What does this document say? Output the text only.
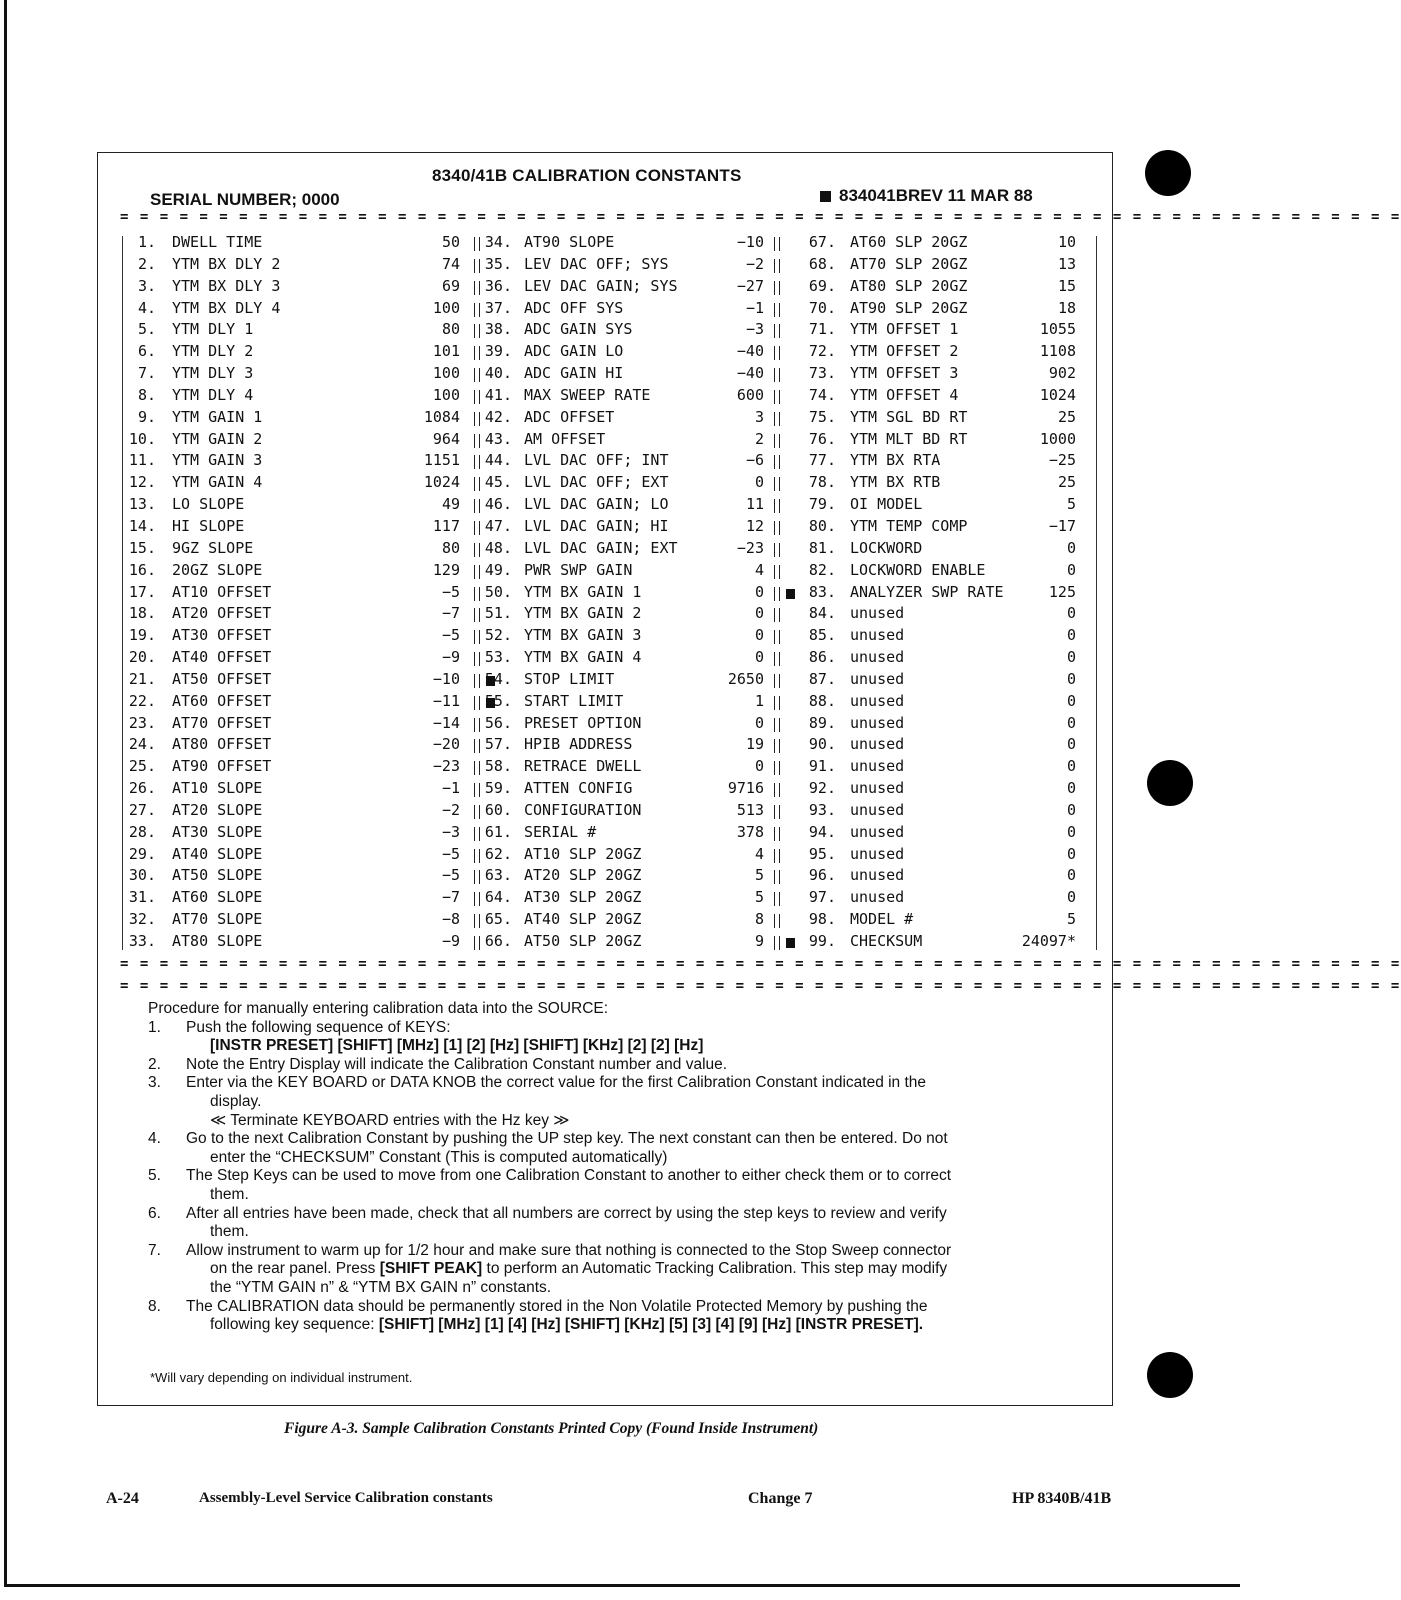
8340/41B CALIBRATION CONSTANTS
SERIAL NUMBER; 0000	834041BREV 11 MAR 88
= = = = = = = = = = = = = = = = = = = = = = = = = = = = = = = = = = = = = = = = = = = = = = = = = = = = = = = = = = = = = = = = =
1. DWELL TIME	50
2. YTM BX DLY 2	74
3. YTM BX DLY 3	69
4. YTM BX DLY 4	100
5. YTM DLY 1	80
6. YTM DLY 2	101
7. YTM DLY 3	100
8. YTM DLY 4	100
9. YTM GAIN 1	1084
10. YTM GAIN 2	964
11. YTM GAIN 3	1151
12. YTM GAIN 4	1024
13. LO SLOPE	49
14. HI SLOPE	117
15. 9GZ SLOPE	80
16. 20GZ SLOPE	129
17. AT10 OFFSET	−5
18. AT20 OFFSET	−7
19. AT30 OFFSET	−5
20. AT40 OFFSET	−9
21. AT50 OFFSET	−10
22. AT60 OFFSET	−11
23. AT70 OFFSET	−14
24. AT80 OFFSET	−20
25. AT90 OFFSET	−23
26. AT10 SLOPE	−1
27. AT20 SLOPE	−2
28. AT30 SLOPE	−3
29. AT40 SLOPE	−5
30. AT50 SLOPE	−5
31. AT60 SLOPE	−7
32. AT70 SLOPE	−8
33. AT80 SLOPE	−9
34. AT90 SLOPE	−10
35. LEV DAC OFF; SYS	−2
36. LEV DAC GAIN; SYS	−27
37. ADC OFF SYS	−1
38. ADC GAIN SYS	−3
39. ADC GAIN LO	−40
40. ADC GAIN HI	−40
41. MAX SWEEP RATE	600
42. ADC OFFSET	3
43. AM OFFSET	2
44. LVL DAC OFF; INT	−6
45. LVL DAC OFF; EXT	0
46. LVL DAC GAIN; LO	11
47. LVL DAC GAIN; HI	12
48. LVL DAC GAIN; EXT	−23
49. PWR SWP GAIN	4
50. YTM BX GAIN 1	0
51. YTM BX GAIN 2	0
52. YTM BX GAIN 3	0
53. YTM BX GAIN 4	0
54. STOP LIMIT	2650
55. START LIMIT	1
56. PRESET OPTION	0
57. HPIB ADDRESS	19
58. RETRACE DWELL	0
59. ATTEN CONFIG	9716
60. CONFIGURATION	513
61. SERIAL #	378
62. AT10 SLP 20GZ	4
63. AT20 SLP 20GZ	5
64. AT30 SLP 20GZ	5
65. AT40 SLP 20GZ	8
66. AT50 SLP 20GZ	9
67. AT60 SLP 20GZ	10
68. AT70 SLP 20GZ	13
69. AT80 SLP 20GZ	15
70. AT90 SLP 20GZ	18
71. YTM OFFSET 1	1055
72. YTM OFFSET 2	1108
73. YTM OFFSET 3	902
74. YTM OFFSET 4	1024
75. YTM SGL BD RT	25
76. YTM MLT BD RT	1000
77. YTM BX RTA	−25
78. YTM BX RTB	25
79. OI MODEL	5
80. YTM TEMP COMP	−17
81. LOCKWORD	0
82. LOCKWORD ENABLE	0
83. ANALYZER SWP RATE	125
84. unused	0
85. unused	0
86. unused	0
87. unused	0
88. unused	0
89. unused	0
90. unused	0
91. unused	0
92. unused	0
93. unused	0
94. unused	0
95. unused	0
96. unused	0
97. unused	0
98. MODEL #	5
99. CHECKSUM	24097*
= = = = = = = = = = = = = = = = = = = = = = = = = = = = = = = = = = = = = = = = = = = = = = = = = = = = = = = = = = = = = = = = =
= = = = = = = = = = = = = = = = = = = = = = = = = = = = = = = = = = = = = = = = = = = = = = = = = = = = = = = = = = = = = = = = =
Procedure for manually entering calibration data into the SOURCE:
1. Push the following sequence of KEYS:
[INSTR PRESET] [SHIFT] [MHz] [1] [2] [Hz] [SHIFT] [KHz] [2] [2] [Hz]
2. Note the Entry Display will indicate the Calibration Constant number and value.
3. Enter via the KEY BOARD or DATA KNOB the correct value for the first Calibration Constant indicated in the
display.
≪ Terminate KEYBOARD entries with the Hz key ≫
4. Go to the next Calibration Constant by pushing the UP step key. The next constant can then be entered. Do not
enter the “CHECKSUM” Constant (This is computed automatically)
5. The Step Keys can be used to move from one Calibration Constant to another to either check them or to correct
them.
6. After all entries have been made, check that all numbers are correct by using the step keys to review and verify
them.
7. Allow instrument to warm up for 1/2 hour and make sure that nothing is connected to the Stop Sweep connector
on the rear panel. Press [SHIFT PEAK] to perform an Automatic Tracking Calibration. This step may modify
the “YTM GAIN n” & “YTM BX GAIN n” constants.
8. The CALIBRATION data should be permanently stored in the Non Volatile Protected Memory by pushing the
following key sequence: [SHIFT] [MHz] [1] [4] [Hz] [SHIFT] [KHz] [5] [3] [4] [9] [Hz] [INSTR PRESET].
*Will vary depending on individual instrument.
Figure A-3. Sample Calibration Constants Printed Copy (Found Inside Instrument)
A-24	Assembly-Level Service Calibration constants	Change 7	HP 8340B/41B
